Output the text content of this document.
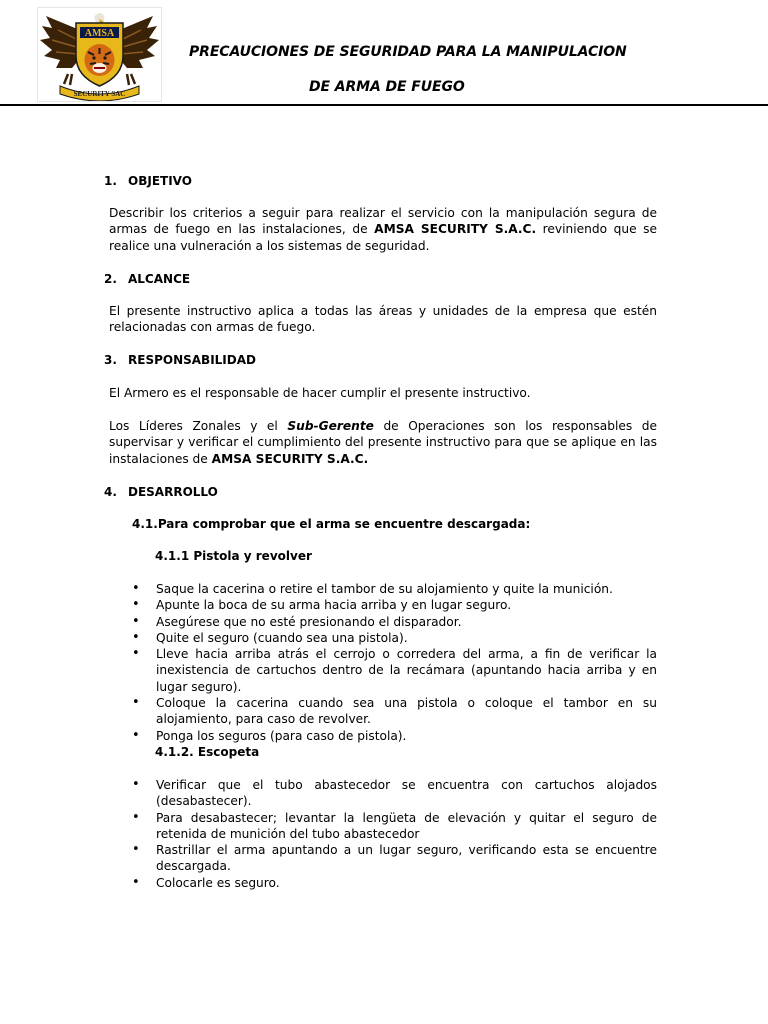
AMSA
SECURITY SAC
PRECAUCIONES DE SEGURIDAD PARA LA MANIPULACION
DE ARMA DE FUEGO
1. OBJETIVO
Describir los criterios a seguir para realizar el servicio con la manipulación segura de armas de fuego en las instalaciones, de AMSA SECURITY S.A.C. reviniendo que se realice una vulneración a los sistemas de seguridad.
2. ALCANCE
El presente instructivo aplica a todas las áreas y unidades de la empresa que estén relacionadas con armas de fuego.
3. RESPONSABILIDAD
El Armero es el responsable de hacer cumplir el presente instructivo.
Los Líderes Zonales y el Sub-Gerente de Operaciones son los responsables de supervisar y verificar el cumplimiento del presente instructivo para que se aplique en las instalaciones de AMSA SECURITY S.A.C.
4. DESARROLLO
4.1.Para comprobar que el arma se encuentre descargada:
4.1.1 Pistola y revolver
• Saque la cacerina o retire el tambor de su alojamiento y quite la munición.
• Apunte la boca de su arma hacia arriba y en lugar seguro.
• Asegúrese que no esté presionando el disparador.
• Quite el seguro (cuando sea una pistola).
• Lleve hacia arriba atrás el cerrojo o corredera del arma, a fin de verificar la inexistencia de cartuchos dentro de la recámara (apuntando hacia arriba y en lugar seguro).
• Coloque la cacerina cuando sea una pistola o coloque el tambor en su alojamiento, para caso de revolver.
• Ponga los seguros (para caso de pistola).
4.1.2. Escopeta
• Verificar que el tubo abastecedor se encuentra con cartuchos alojados (desabastecer).
• Para desabastecer; levantar la lengüeta de elevación y quitar el seguro de retenida de munición del tubo abastecedor
• Rastrillar el arma apuntando a un lugar seguro, verificando esta se encuentre descargada.
• Colocarle es seguro.
